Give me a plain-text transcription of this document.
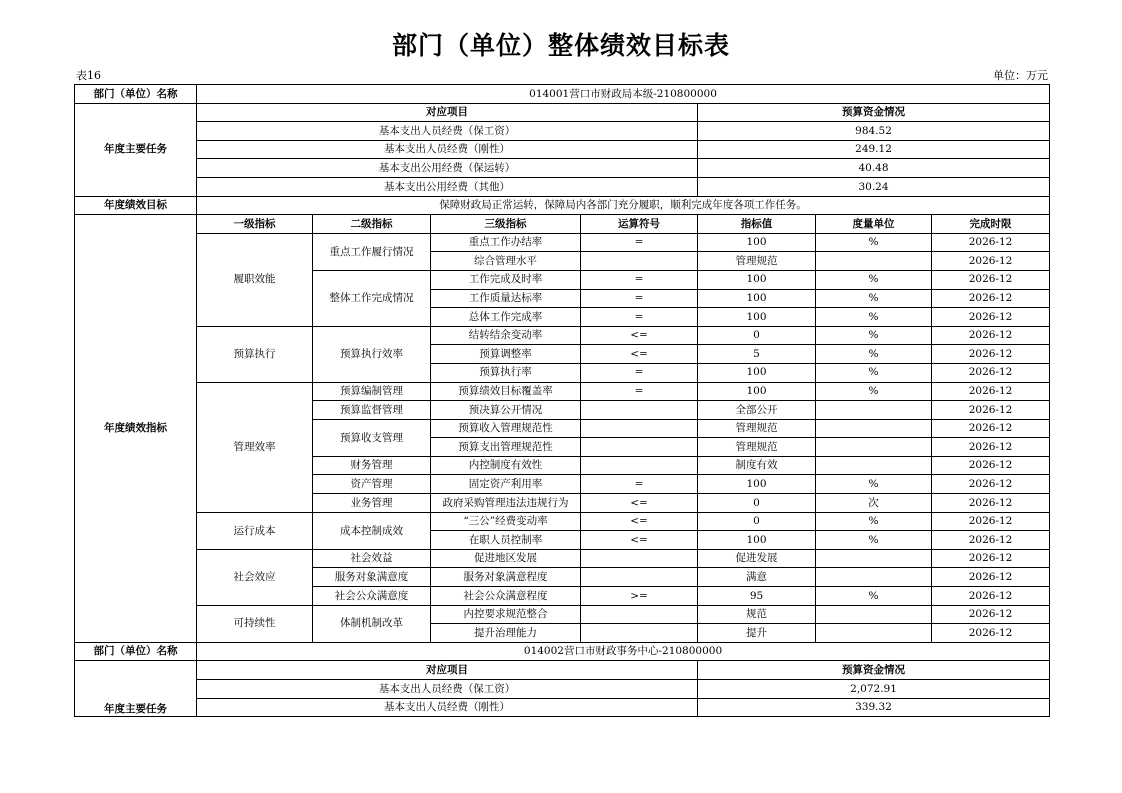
部门（单位）整体绩效目标表
表16	单位：万元
部门（单位）名称	014001营口市财政局本级-210800000						
年度主要任务	对应项目				预算资金情况		
	基本支出人员经费（保工资）				984.52		
	基本支出人员经费（刚性）				249.12		
	基本支出公用经费（保运转）				40.48		
	基本支出公用经费（其他）				30.24		
年度绩效目标	保障财政局正常运转，保障局内各部门充分履职，顺利完成年度各项工作任务。						
年度绩效指标	一级指标	二级指标	三级指标	运算符号	指标值	度量单位	完成时限
	履职效能	重点工作履行情况	重点工作办结率	=	100	%	2026-12
			综合管理水平		管理规范		2026-12
		整体工作完成情况	工作完成及时率	=	100	%	2026-12
			工作质量达标率	=	100	%	2026-12
			总体工作完成率	=	100	%	2026-12
	预算执行	预算执行效率	结转结余变动率	<=	0	%	2026-12
			预算调整率	<=	5	%	2026-12
			预算执行率	=	100	%	2026-12
	管理效率	预算编制管理	预算绩效目标覆盖率	=	100	%	2026-12
		预算监督管理	预决算公开情况		全部公开		2026-12
		预算收支管理	预算收入管理规范性		管理规范		2026-12
			预算支出管理规范性		管理规范		2026-12
		财务管理	内控制度有效性		制度有效		2026-12
		资产管理	固定资产利用率	=	100	%	2026-12
		业务管理	政府采购管理违法违规行为	<=	0	次	2026-12
	运行成本	成本控制成效	“三公”经费变动率	<=	0	%	2026-12
			在职人员控制率	<=	100	%	2026-12
	社会效应	社会效益	促进地区发展		促进发展		2026-12
		服务对象满意度	服务对象满意程度		满意		2026-12
		社会公众满意度	社会公众满意程度	>=	95	%	2026-12
	可持续性	体制机制改革	内控要求规范整合		规范		2026-12
			提升治理能力		提升		2026-12
部门（单位）名称	014002营口市财政事务中心-210800000						
年度主要任务	对应项目				预算资金情况		
	基本支出人员经费（保工资）				2,072.91		
	基本支出人员经费（刚性）				339.32		
